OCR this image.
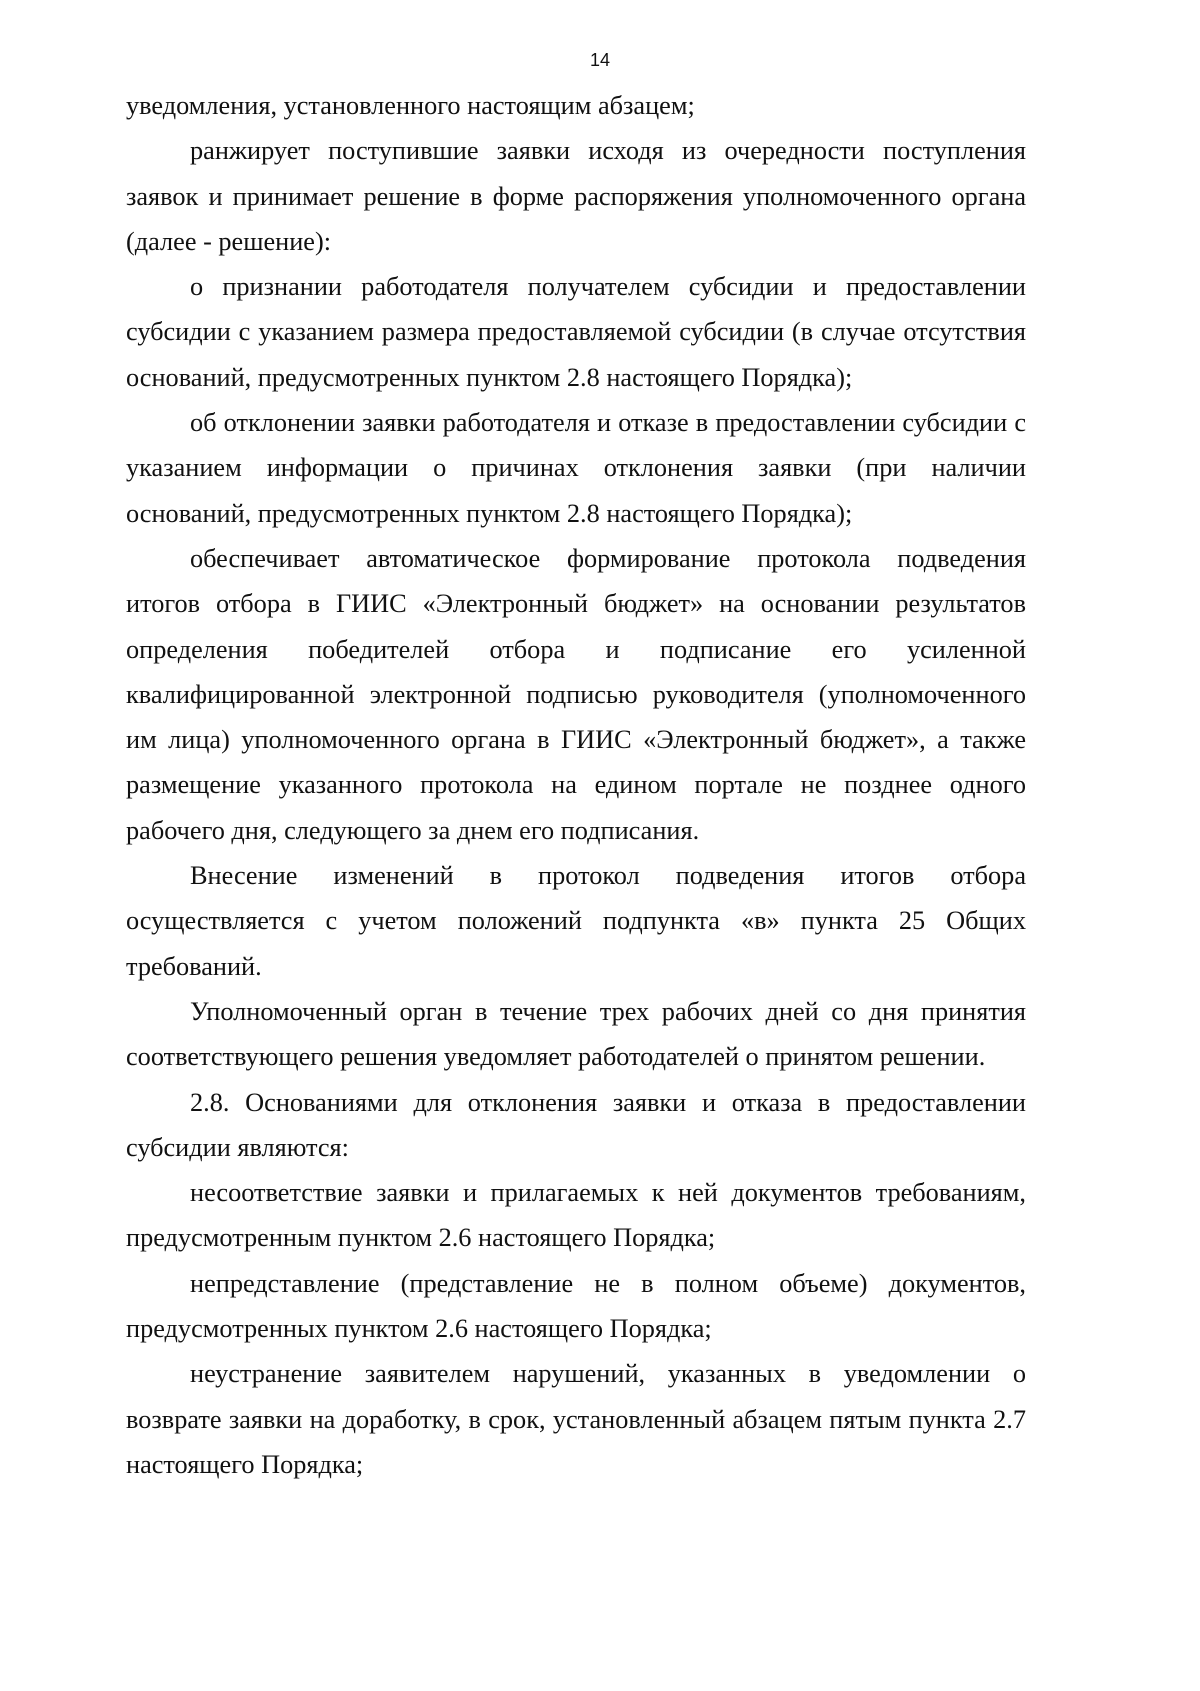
14

уведомления, установленного настоящим абзацем;

ранжирует поступившие заявки исходя из очередности поступления заявок и принимает решение в форме распоряжения уполномоченного органа (далее - решение):

о признании работодателя получателем субсидии и предоставлении субсидии с указанием размера предоставляемой субсидии (в случае отсутствия оснований, предусмотренных пунктом 2.8 настоящего Порядка);

об отклонении заявки работодателя и отказе в предоставлении субсидии с указанием информации о причинах отклонения заявки (при наличии оснований, предусмотренных пунктом 2.8 настоящего Порядка);

обеспечивает автоматическое формирование протокола подведения итогов отбора в ГИИС «Электронный бюджет» на основании результатов определения победителей отбора и подписание его усиленной квалифицированной электронной подписью руководителя (уполномоченного им лица) уполномоченного органа в ГИИС «Электронный бюджет», а также размещение указанного протокола на едином портале не позднее одного рабочего дня, следующего за днем его подписания.

Внесение изменений в протокол подведения итогов отбора осуществляется с учетом положений подпункта «в» пункта 25 Общих требований.

Уполномоченный орган в течение трех рабочих дней со дня принятия соответствующего решения уведомляет работодателей о принятом решении.

2.8. Основаниями для отклонения заявки и отказа в предоставлении субсидии являются:

несоответствие заявки и прилагаемых к ней документов требованиям, предусмотренным пунктом 2.6 настоящего Порядка;

непредставление (представление не в полном объеме) документов, предусмотренных пунктом 2.6 настоящего Порядка;

неустранение заявителем нарушений, указанных в уведомлении о возврате заявки на доработку, в срок, установленный абзацем пятым пункта 2.7 настоящего Порядка;
